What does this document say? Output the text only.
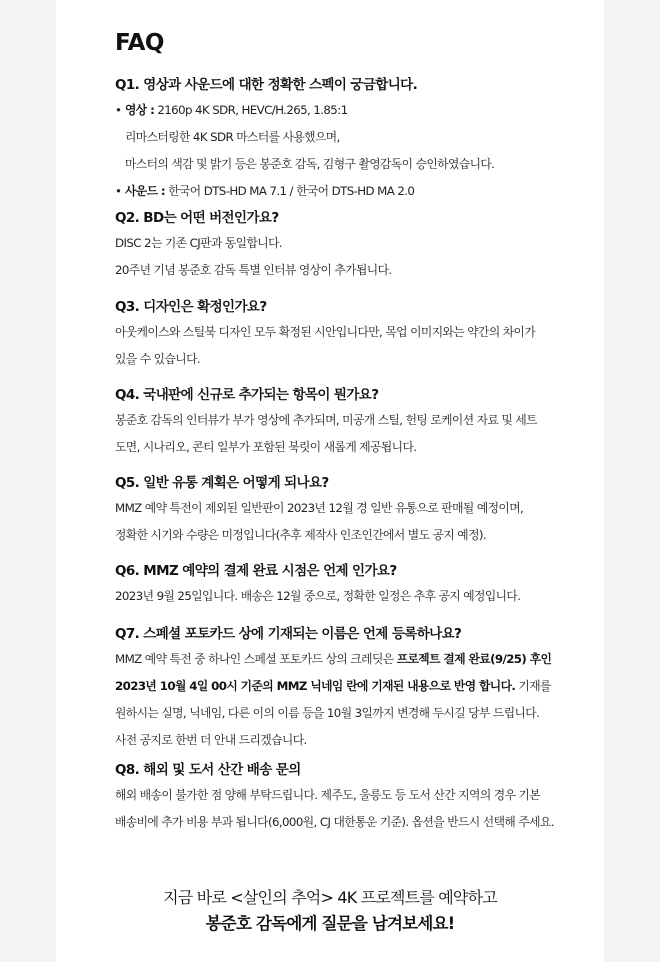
FAQ

Q1. 영상과 사운드에 대한 정확한 스펙이 궁금합니다.

• 영상 : 2160p 4K SDR, HEVC/H.265, 1.85:1

리마스터링한 4K SDR 마스터를 사용했으며,

마스터의 색감 및 밝기 등은 봉준호 감독, 김형구 촬영감독이 승인하였습니다.

• 사운드 : 한국어 DTS-HD MA 7.1 / 한국어 DTS-HD MA 2.0

Q2. BD는 어떤 버전인가요?

DISC 2는 기존 CJ판과 동일합니다.

20주년 기념 봉준호 감독 특별 인터뷰 영상이 추가됩니다.

Q3. 디자인은 확정인가요?

아웃케이스와 스틸북 디자인 모두 확정된 시안입니다만, 목업 이미지와는 약간의 차이가

있을 수 있습니다.

Q4. 국내판에 신규로 추가되는 항목이 뭔가요?

봉준호 감독의 인터뷰가 부가 영상에 추가되며, 미공개 스틸, 헌팅 로케이션 자료 및 세트

도면, 시나리오, 콘티 일부가 포함된 북릿이 새롭게 제공됩니다.

Q5. 일반 유통 계획은 어떻게 되나요?

MMZ 예약 특전이 제외된 일반판이 2023년 12월 경 일반 유통으로 판매될 예정이며,

정확한 시기와 수량은 미정입니다(추후 제작사 인조인간에서 별도 공지 예정).

Q6. MMZ 예약의 결제 완료 시점은 언제 인가요?

2023년 9월 25일입니다. 배송은 12월 중으로, 정확한 일정은 추후 공지 예정입니다.

Q7. 스페셜 포토카드 상에 기재되는 이름은 언제 등록하나요?

MMZ 예약 특전 중 하나인 스페셜 포토카드 상의 크레딧은 프로젝트 결제 완료(9/25) 후인

2023년 10월 4일 00시 기준의 MMZ 닉네임 란에 기재된 내용으로 반영 합니다. 기재를

원하시는 실명, 닉네임, 다른 이의 이름 등을 10월 3일까지 변경해 두시길 당부 드립니다.

사전 공지로 한번 더 안내 드리겠습니다.

Q8. 해외 및 도서 산간 배송 문의

해외 배송이 불가한 점 양해 부탁드립니다. 제주도, 울릉도 등 도서 산간 지역의 경우 기본

배송비에 추가 비용 부과 됩니다(6,000원, CJ 대한통운 기준). 옵션을 반드시 선택해 주세요.

지금 바로 <살인의 추억> 4K 프로젝트를 예약하고
봉준호 감독에게 질문을 남겨보세요!
